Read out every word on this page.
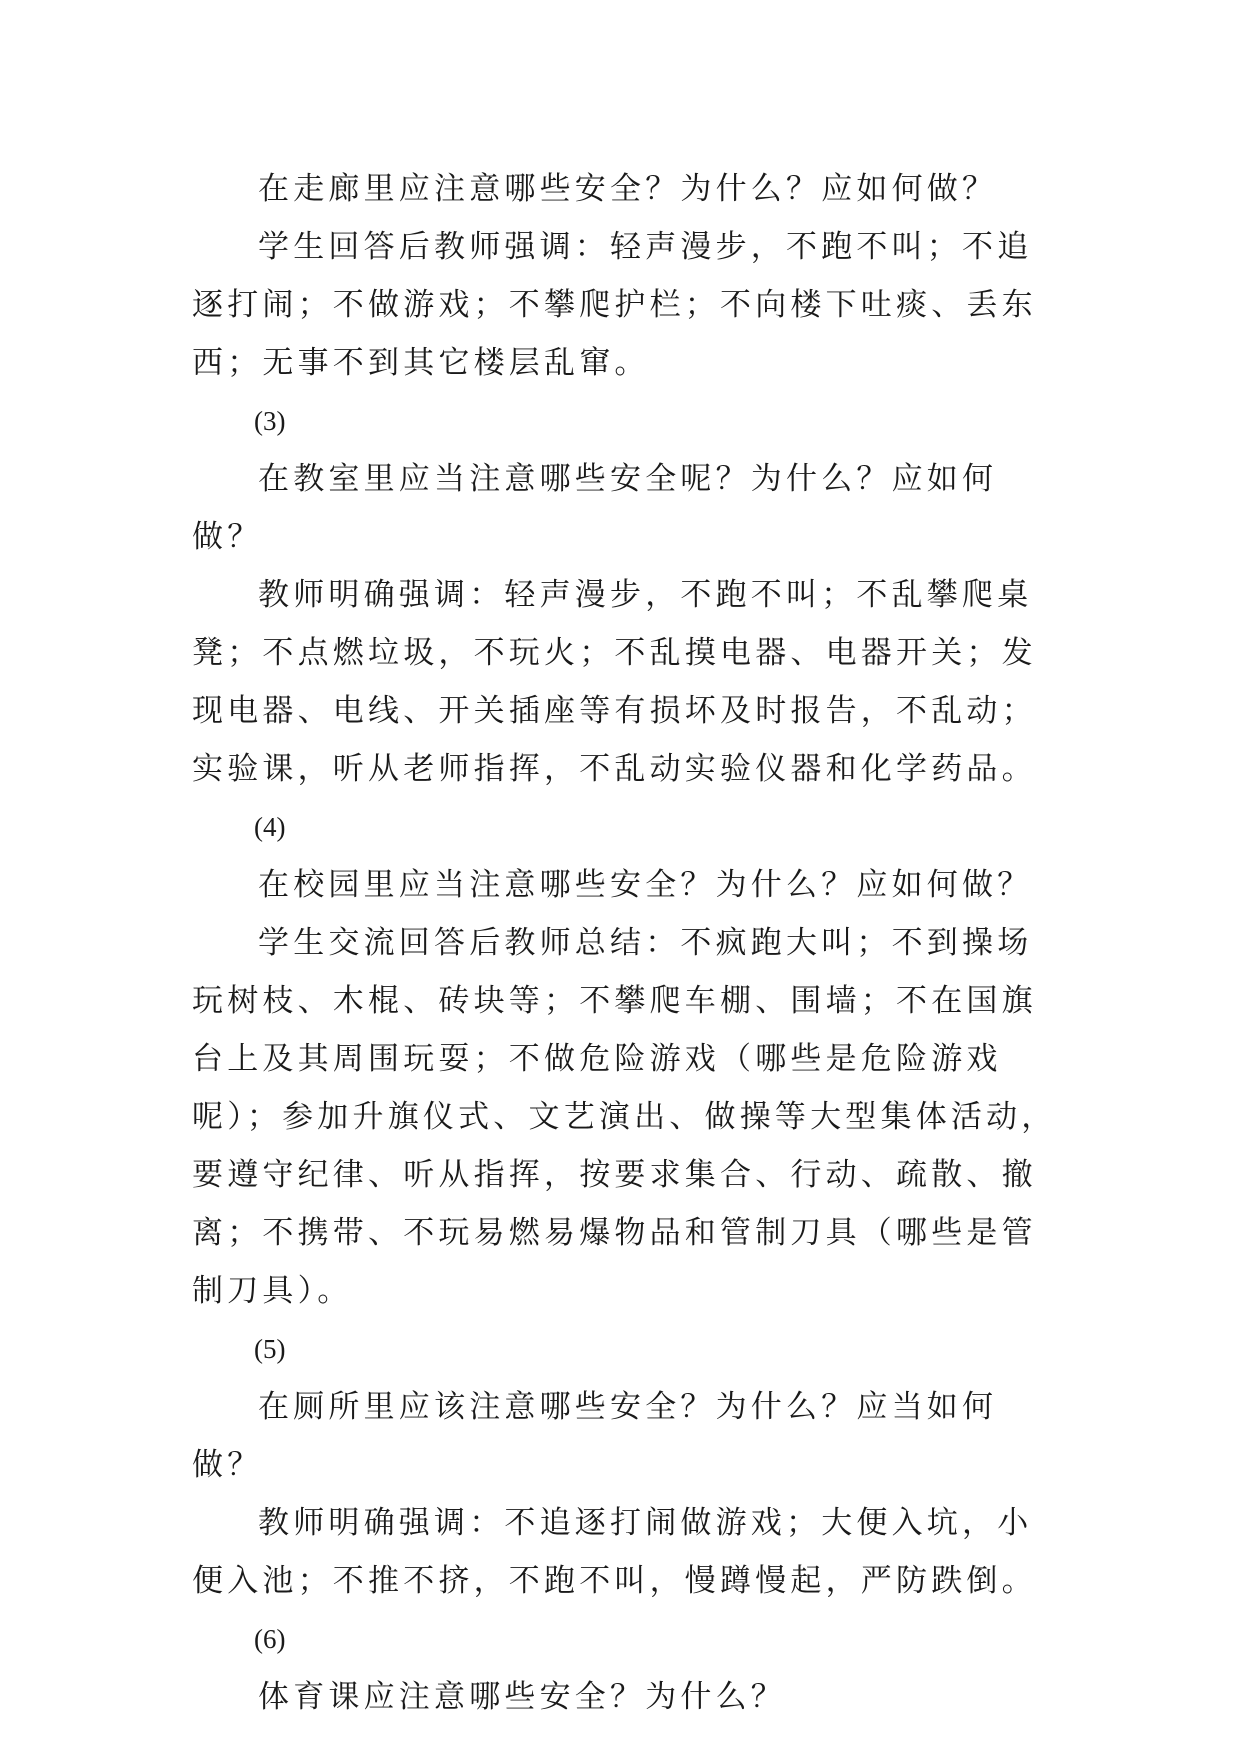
在走廊里应注意哪些安全？为什么？应如何做？

学生回答后教师强调：轻声漫步，不跑不叫；不追逐打闹；不做游戏；不攀爬护栏；不向楼下吐痰、丢东西；无事不到其它楼层乱窜。

(3)

在教室里应当注意哪些安全呢？为什么？应如何做？

教师明确强调：轻声漫步，不跑不叫；不乱攀爬桌凳；不点燃垃圾，不玩火；不乱摸电器、电器开关；发现电器、电线、开关插座等有损坏及时报告，不乱动；实验课，听从老师指挥，不乱动实验仪器和化学药品。

(4)

在校园里应当注意哪些安全？为什么？应如何做？

学生交流回答后教师总结：不疯跑大叫；不到操场玩树枝、木棍、砖块等；不攀爬车棚、围墙；不在国旗台上及其周围玩耍；不做危险游戏（哪些是危险游戏呢）；参加升旗仪式、文艺演出、做操等大型集体活动，要遵守纪律、听从指挥，按要求集合、行动、疏散、撤离；不携带、不玩易燃易爆物品和管制刀具（哪些是管制刀具）。

(5)

在厕所里应该注意哪些安全？为什么？应当如何做？

教师明确强调：不追逐打闹做游戏；大便入坑，小便入池；不推不挤，不跑不叫，慢蹲慢起，严防跌倒。

(6)

体育课应注意哪些安全？为什么？
